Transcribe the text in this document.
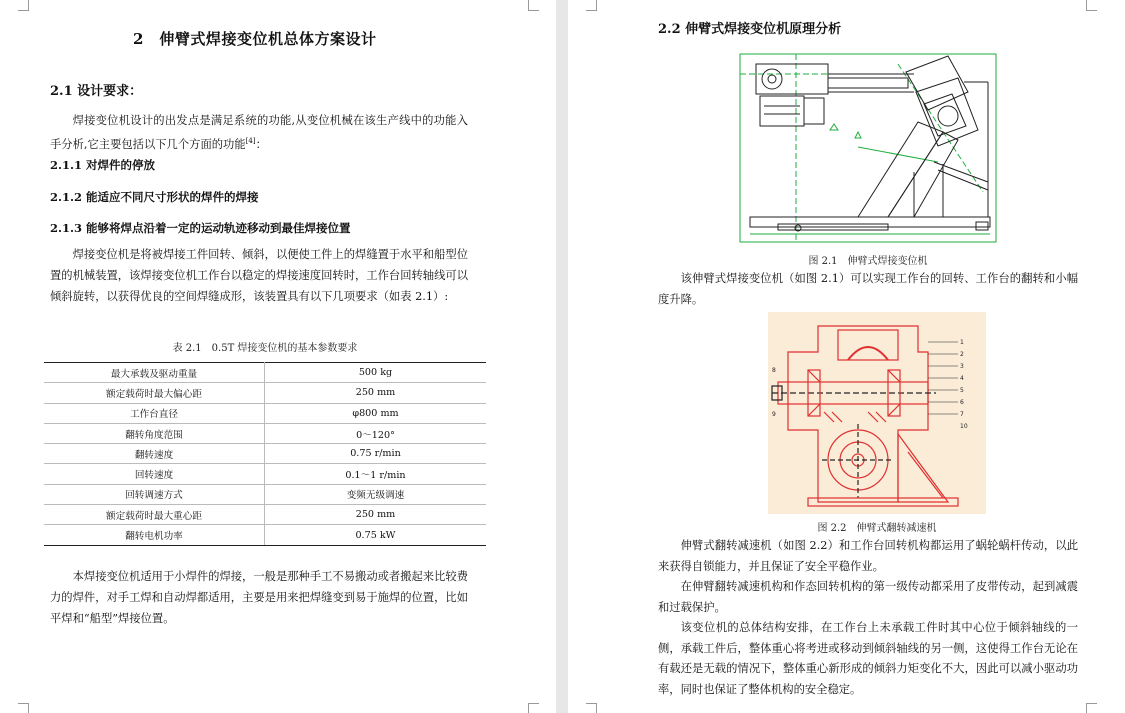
2　伸臂式焊接变位机总体方案设计
2.1 设计要求：

焊接变位机设计的出发点是满足系统的功能,从变位机械在该生产线中的功能入手分析,它主要包括以下几个方面的功能[4]：

2.1.1 对焊件的停放
2.1.2 能适应不同尺寸形状的焊件的焊接
2.1.3 能够将焊点沿着一定的运动轨迹移动到最佳焊接位置

焊接变位机是将被焊接工件回转、倾斜，以便使工件上的焊缝置于水平和船型位置的机械装置，该焊接变位机工作台以稳定的焊接速度回转时，工作台回转轴线可以倾斜旋转，以获得优良的空间焊缝成形，该装置具有以下几项要求（如表 2.1）:

表 2.1　0.5T 焊接变位机的基本参数要求
最大承载及驱动重量	500 kg
额定载荷时最大偏心距	250 mm
工作台直径	φ800 mm
翻转角度范围	0～120°
翻转速度	0.75 r/min
回转速度	0.1～1 r/min
回转调速方式	变频无级调速
额定载荷时最大重心距	250 mm
翻转电机功率	0.75 kW

本焊接变位机适用于小焊件的焊接，一般是那种手工不易搬动或者搬起来比较费力的焊件，对手工焊和自动焊都适用，主要是用来把焊缝变到易于施焊的位置，比如平焊和“船型”焊接位置。

2.2 伸臂式焊接变位机原理分析
图 2.1　伸臂式焊接变位机

该伸臂式焊接变位机（如图 2.1）可以实现工作台的回转、工作台的翻转和小幅度升降。

1
2
3
4
5
6
7
8
9
10
图 2.2　伸臂式翻转减速机

伸臂式翻转减速机（如图 2.2）和工作台回转机构都运用了蜗轮蜗杆传动，以此来获得自锁能力，并且保证了安全平稳作业。

在伸臂翻转减速机构和作态回转机构的第一级传动都采用了皮带传动，起到减震和过载保护。

该变位机的总体结构安排，在工作台上未承载工件时其中心位于倾斜轴线的一侧，承载工件后，整体重心将考进或移动到倾斜轴线的另一侧，这使得工作台无论在有载还是无载的情况下，整体重心新形成的倾斜力矩变化不大，因此可以减小驱动功率，同时也保证了整体机构的安全稳定。
